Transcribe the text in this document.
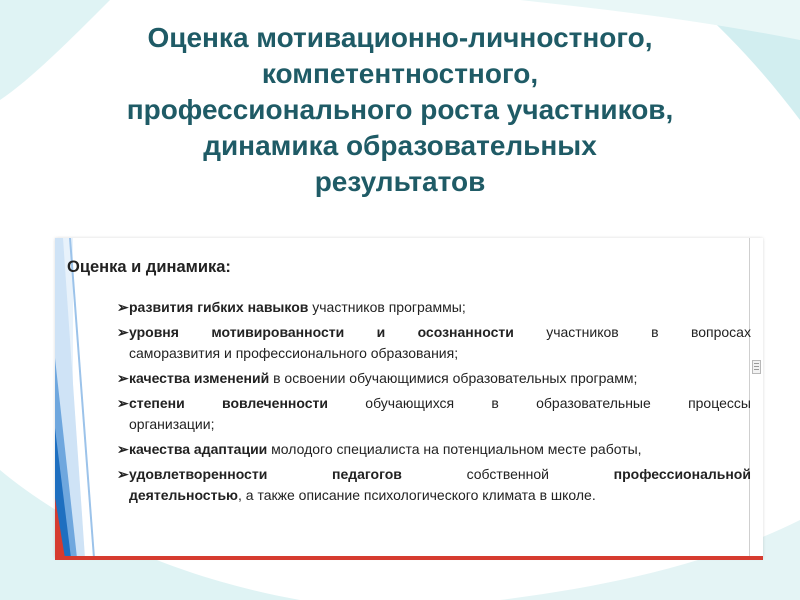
Оценка мотивационно-личностного,
компетентностного,
профессионального роста участников,
динамика образовательных
результатов
Оценка и динамика:
➢ развития гибких навыков участников программы;
➢ уровня мотивированности и осознанности участников в вопросах
саморазвития и профессионального образования;
➢ качества изменений в освоении обучающимися образовательных программ;
➢ степени	вовлеченности	обучающихся	в	образовательные	процессы
организации;
➢ качества адаптации молодого специалиста на потенциальном месте работы,
➢ удовлетворенности	педагогов	собственной	профессиональной
деятельностью, а также описание психологического климата в школе.
